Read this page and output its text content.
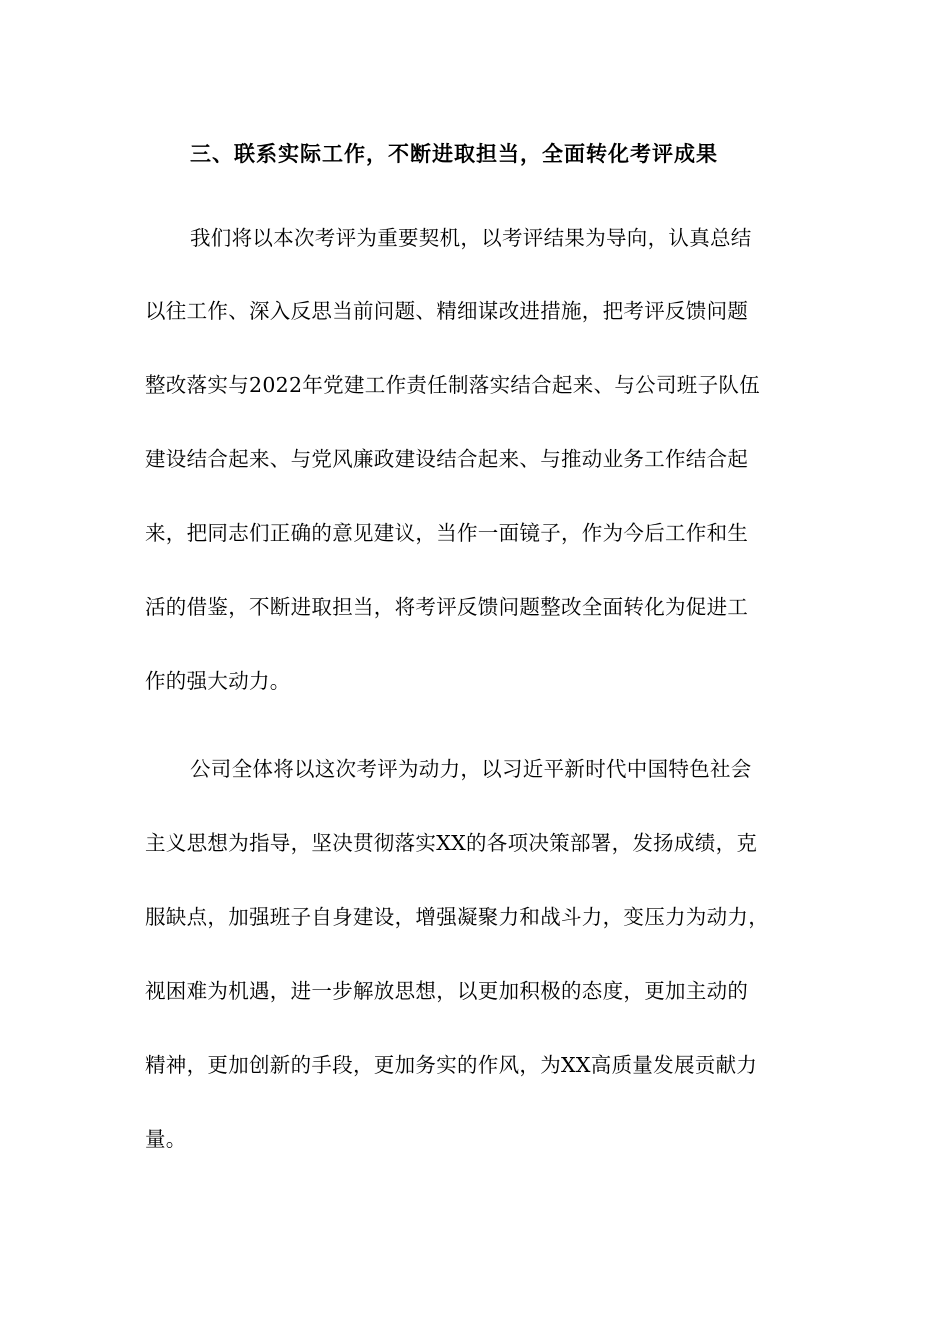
三、联系实际工作，不断进取担当，全面转化考评成果
我们将以本次考评为重要契机，以考评结果为导向，认真总结
以往工作、深入反思当前问题、精细谋改进措施，把考评反馈问题
整改落实与2022年党建工作责任制落实结合起来、与公司班子队伍
建设结合起来、与党风廉政建设结合起来、与推动业务工作结合起
来，把同志们正确的意见建议，当作一面镜子，作为今后工作和生
活的借鉴，不断进取担当，将考评反馈问题整改全面转化为促进工
作的强大动力。
公司全体将以这次考评为动力，以习近平新时代中国特色社会
主义思想为指导，坚决贯彻落实XX的各项决策部署，发扬成绩，克
服缺点，加强班子自身建设，增强凝聚力和战斗力，变压力为动力，
视困难为机遇，进一步解放思想，以更加积极的态度，更加主动的
精神，更加创新的手段，更加务实的作风，为XX高质量发展贡献力
量。
